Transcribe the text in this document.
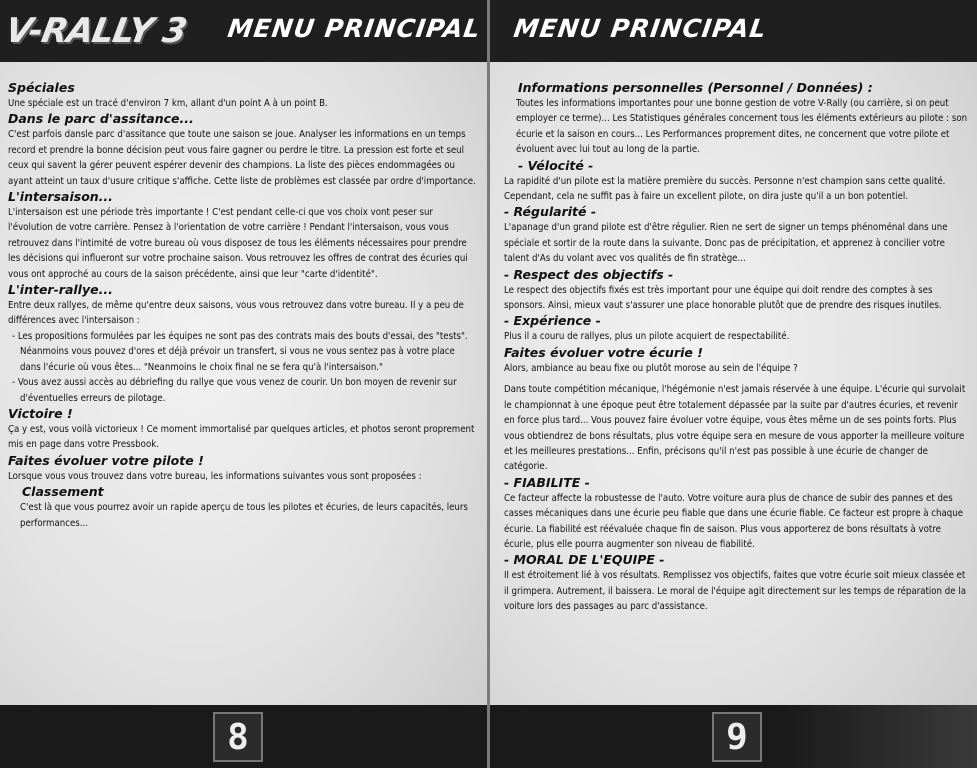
V-RALLY 3 MENU PRINCIPAL
Spéciales

Une spéciale est un tracé d'environ 7 km, allant d'un point A à un point B.

Dans le parc d'assitance...

C'est parfois dansle parc d'assitance que toute une saison se joue. Analyser les informations en un temps record et prendre la bonne décision peut vous faire gagner ou perdre le titre. La pression est forte et seul ceux qui savent la gérer peuvent espérer devenir des champions. La liste des pièces endommagées ou ayant atteint un taux d'usure critique s'affiche. Cette liste de problèmes est classée par ordre d'importance.

L'intersaison...

L'intersaison est une période très importante ! C'est pendant celle-ci que vos choix vont peser sur l'évolution de votre carrière. Pensez à l'orientation de votre carrière ! Pendant l'intersaison, vous vous retrouvez dans l'intimité de votre bureau où vous disposez de tous les éléments nécessaires pour prendre les décisions qui influeront sur votre prochaine saison. Vous retrouvez les offres de contrat des écuries qui vous ont approché au cours de la saison précédente, ainsi que leur "carte d'identité".

L'inter-rallye...

Entre deux rallyes, de même qu'entre deux saisons, vous vous retrouvez dans votre bureau. Il y a peu de différences avec l'intersaison :

- Les propositions formulées par les équipes ne sont pas des contrats mais des bouts d'essai, des "tests". Néanmoins vous pouvez d'ores et déjà prévoir un transfert, si vous ne vous sentez pas à votre place dans l'écurie où vous êtes... "Neanmoins le choix final ne se fera qu'à l'intersaison."

- Vous avez aussi accès au débriefing du rallye que vous venez de courir. Un bon moyen de revenir sur d'éventuelles erreurs de pilotage.

Victoire !

Ça y est, vous voilà victorieux ! Ce moment immortalisé par quelques articles, et photos seront proprement mis en page dans votre Pressbook.

Faites évoluer votre pilote !

Lorsque vous vous trouvez dans votre bureau, les informations suivantes vous sont proposées :

Classement

C'est là que vous pourrez avoir un rapide aperçu de tous les pilotes et écuries, de leurs capacités, leurs performances...

8
MENU PRINCIPAL
Informations personnelles (Personnel / Données) :

Toutes les informations importantes pour une bonne gestion de votre V-Rally (ou carrière, si on peut employer ce terme)... Les Statistiques générales concernent tous les éléments extérieurs au pilote : son écurie et la saison en cours... Les Performances proprement dites, ne concernent que votre pilote et évoluent avec lui tout au long de la partie.

- Vélocité -

La rapidité d'un pilote est la matière première du succès. Personne n'est champion sans cette qualité. Cependant, cela ne suffit pas à faire un excellent pilote, on dira juste qu'il a un bon potentiel.

- Régularité -

L'apanage d'un grand pilote est d'être régulier. Rien ne sert de signer un temps phénoménal dans une spéciale et sortir de la route dans la suivante. Donc pas de précipitation, et apprenez à concilier votre talent d'As du volant avec vos qualités de fin stratège...

- Respect des objectifs -

Le respect des objectifs fixés est très important pour une équipe qui doit rendre des comptes à ses sponsors. Ainsi, mieux vaut s'assurer une place honorable plutôt que de prendre des risques inutiles.

- Expérience -

Plus il a couru de rallyes, plus un pilote acquiert de respectabilité.

Faites évoluer votre écurie !

Alors, ambiance au beau fixe ou plutôt morose au sein de l'équipe ?

Dans toute compétition mécanique, l'hégémonie n'est jamais réservée à une équipe. L'écurie qui survolait le championnat à une époque peut être totalement dépassée par la suite par d'autres écuries, et revenir en force plus tard... Vous pouvez faire évoluer votre équipe, vous êtes même un de ses points forts. Plus vous obtiendrez de bons résultats, plus votre équipe sera en mesure de vous apporter la meilleure voiture et les meilleures prestations... Enfin, précisons qu'il n'est pas possible à une écurie de changer de catégorie.

- FIABILITE -

Ce facteur affecte la robustesse de l'auto. Votre voiture aura plus de chance de subir des pannes et des casses mécaniques dans une écurie peu fiable que dans une écurie fiable. Ce facteur est propre à chaque écurie. La fiabilité est réévaluée chaque fin de saison. Plus vous apporterez de bons résultats à votre écurie, plus elle pourra augmenter son niveau de fiabilité.

- MORAL DE L'EQUIPE -

Il est étroitement lié à vos résultats. Remplissez vos objectifs, faites que votre écurie soit mieux classée et il grimpera. Autrement, il baissera. Le moral de l'équipe agit directement sur les temps de réparation de la voiture lors des passages au parc d'assistance.

9
